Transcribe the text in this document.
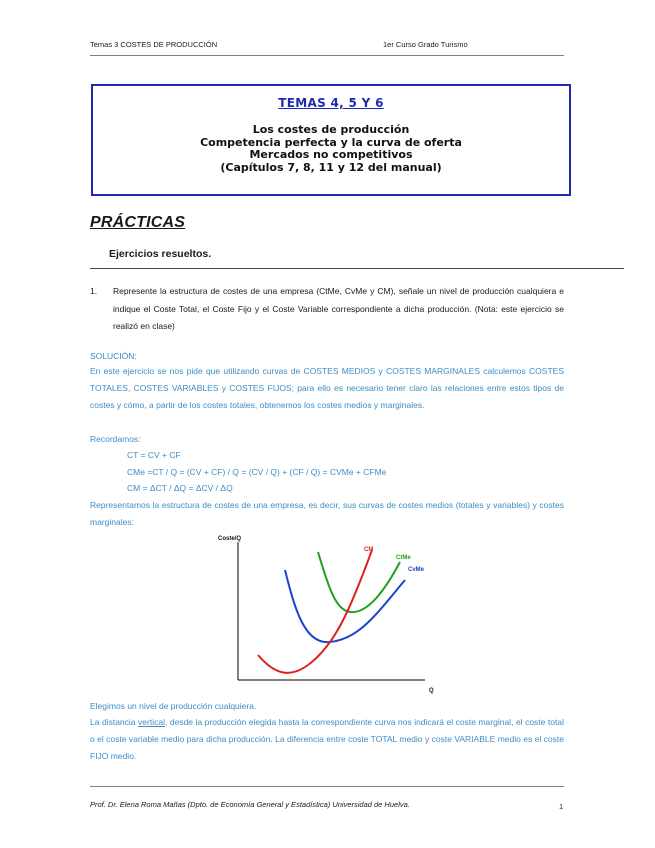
Temas 3 COSTES DE PRODUCCIÓN	1er Curso Grado Turismo
TEMAS 4, 5 Y 6
Los costes de producción
Competencia perfecta y la curva de oferta
Mercados no competitivos
(Capítulos 7, 8, 11 y 12 del manual)
PRÁCTICAS
Ejercicios resueltos.
1. Represente la estructura de costes de una empresa (CtMe, CvMe y CM), señale un nivel de producción cualquiera e indique el Coste Total, el Coste Fijo y el Coste Variable correspondiente a dicha producción. (Nota: este ejercicio se realizó en clase)
SOLUCIÓN:
En este ejercicio se nos pide que utilizando curvas de COSTES MEDIOS y COSTES MARGINALES calculemos COSTES TOTALES, COSTES VARIABLES y COSTES FIJOS; para ello es necesario tener claro las relaciones entre estos tipos de costes y cómo, a partir de los costes totales, obtenemos los costes medios y marginales.
Recordamos:
CT = CV + CF
CMe =CT / Q = (CV + CF) / Q = (CV / Q) + (CF / Q) = CVMe + CFMe
CM = ΔCT / ΔQ = ΔCV / ΔQ
Representamos la estructura de costes de una empresa, es decir, sus curvas de costes medios (totales y variables) y costes marginales:
Coste/Q
Q
CM
CtMe
CvMe
Elegimos un nivel de producción cualquiera.
La distancia vertical, desde la producción elegida hasta la correspondiente curva nos indicará el coste marginal, el coste total o el coste variable medio para dicha producción. La diferencia entre coste TOTAL medio y coste VARIABLE medio es el coste FIJO medio.
Prof. Dr. Elena Roma Mañas (Dpto. de Economía General y Estadística) Universidad de Huelva.	1
